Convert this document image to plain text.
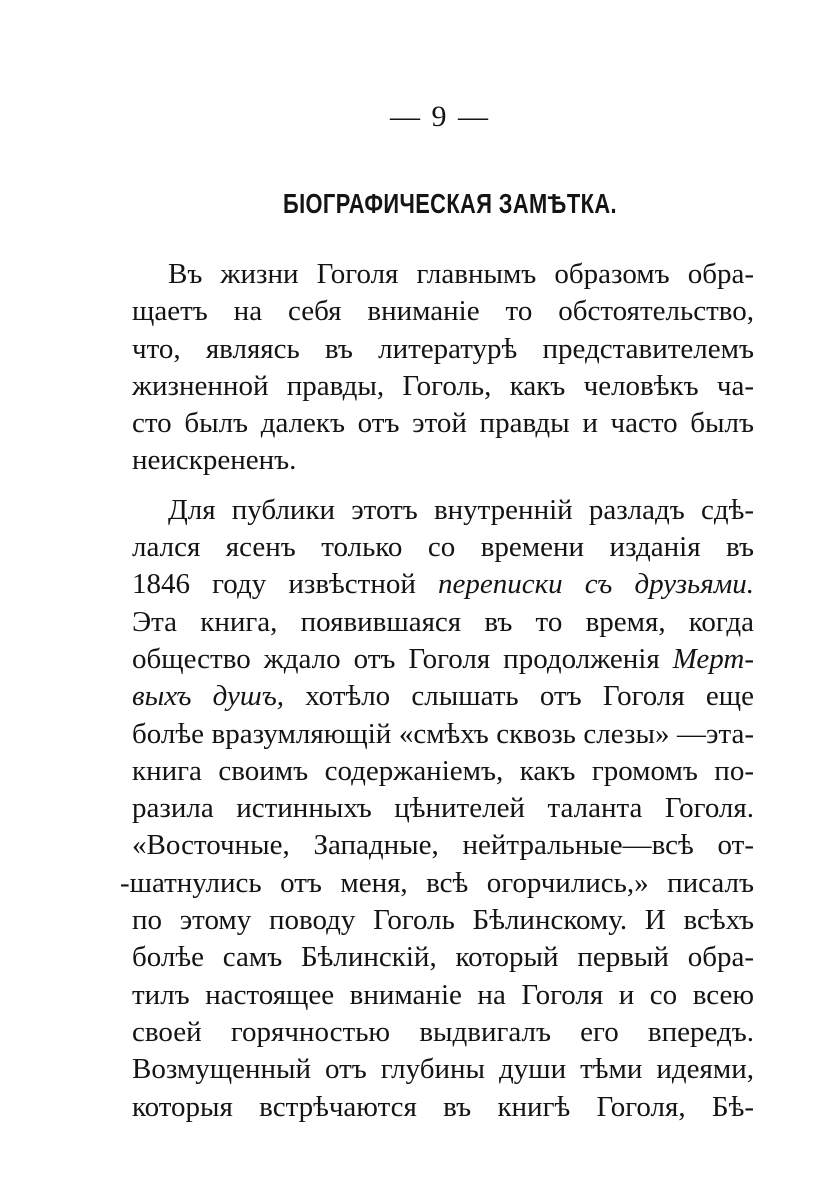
— 9 —
БІОГРАФИЧЕСКАЯ ЗАМѢТКА.
Въ жизни Гоголя главнымъ образомъ обра-
щаетъ на себя вниманіе то обстоятельство,
что, являясь въ литературѣ представителемъ
жизненной правды, Гоголь, какъ человѣкъ ча-
сто былъ далекъ отъ этой правды и часто былъ
неискрененъ.
Для публики этотъ внутренній разладъ сдѣ-
лался ясенъ только со времени изданія въ
1846 году извѣстной переписки съ друзьями.
Эта книга, появившаяся въ то время, когда
общество ждало отъ Гоголя продолженія Мерт-
выхъ душъ, хотѣло слышать отъ Гоголя еще
болѣе вразумляющій «смѣхъ сквозь слезы» —эта-
книга своимъ содержаніемъ, какъ громомъ по-
разила истинныхъ цѣнителей таланта Гоголя.
«Восточные, Западные, нейтральные—всѣ от-
-шатнулись отъ меня, всѣ огорчились,» писалъ
по этому поводу Гоголь Бѣлинскому. И всѣхъ
болѣе самъ Бѣлинскій, который первый обра-
тилъ настоящее вниманіе на Гоголя и со всею
своей горячностью выдвигалъ его впередъ.
Возмущенный отъ глубины души тѣми идеями,
которыя встрѣчаются въ книгѣ Гоголя, Бѣ-
